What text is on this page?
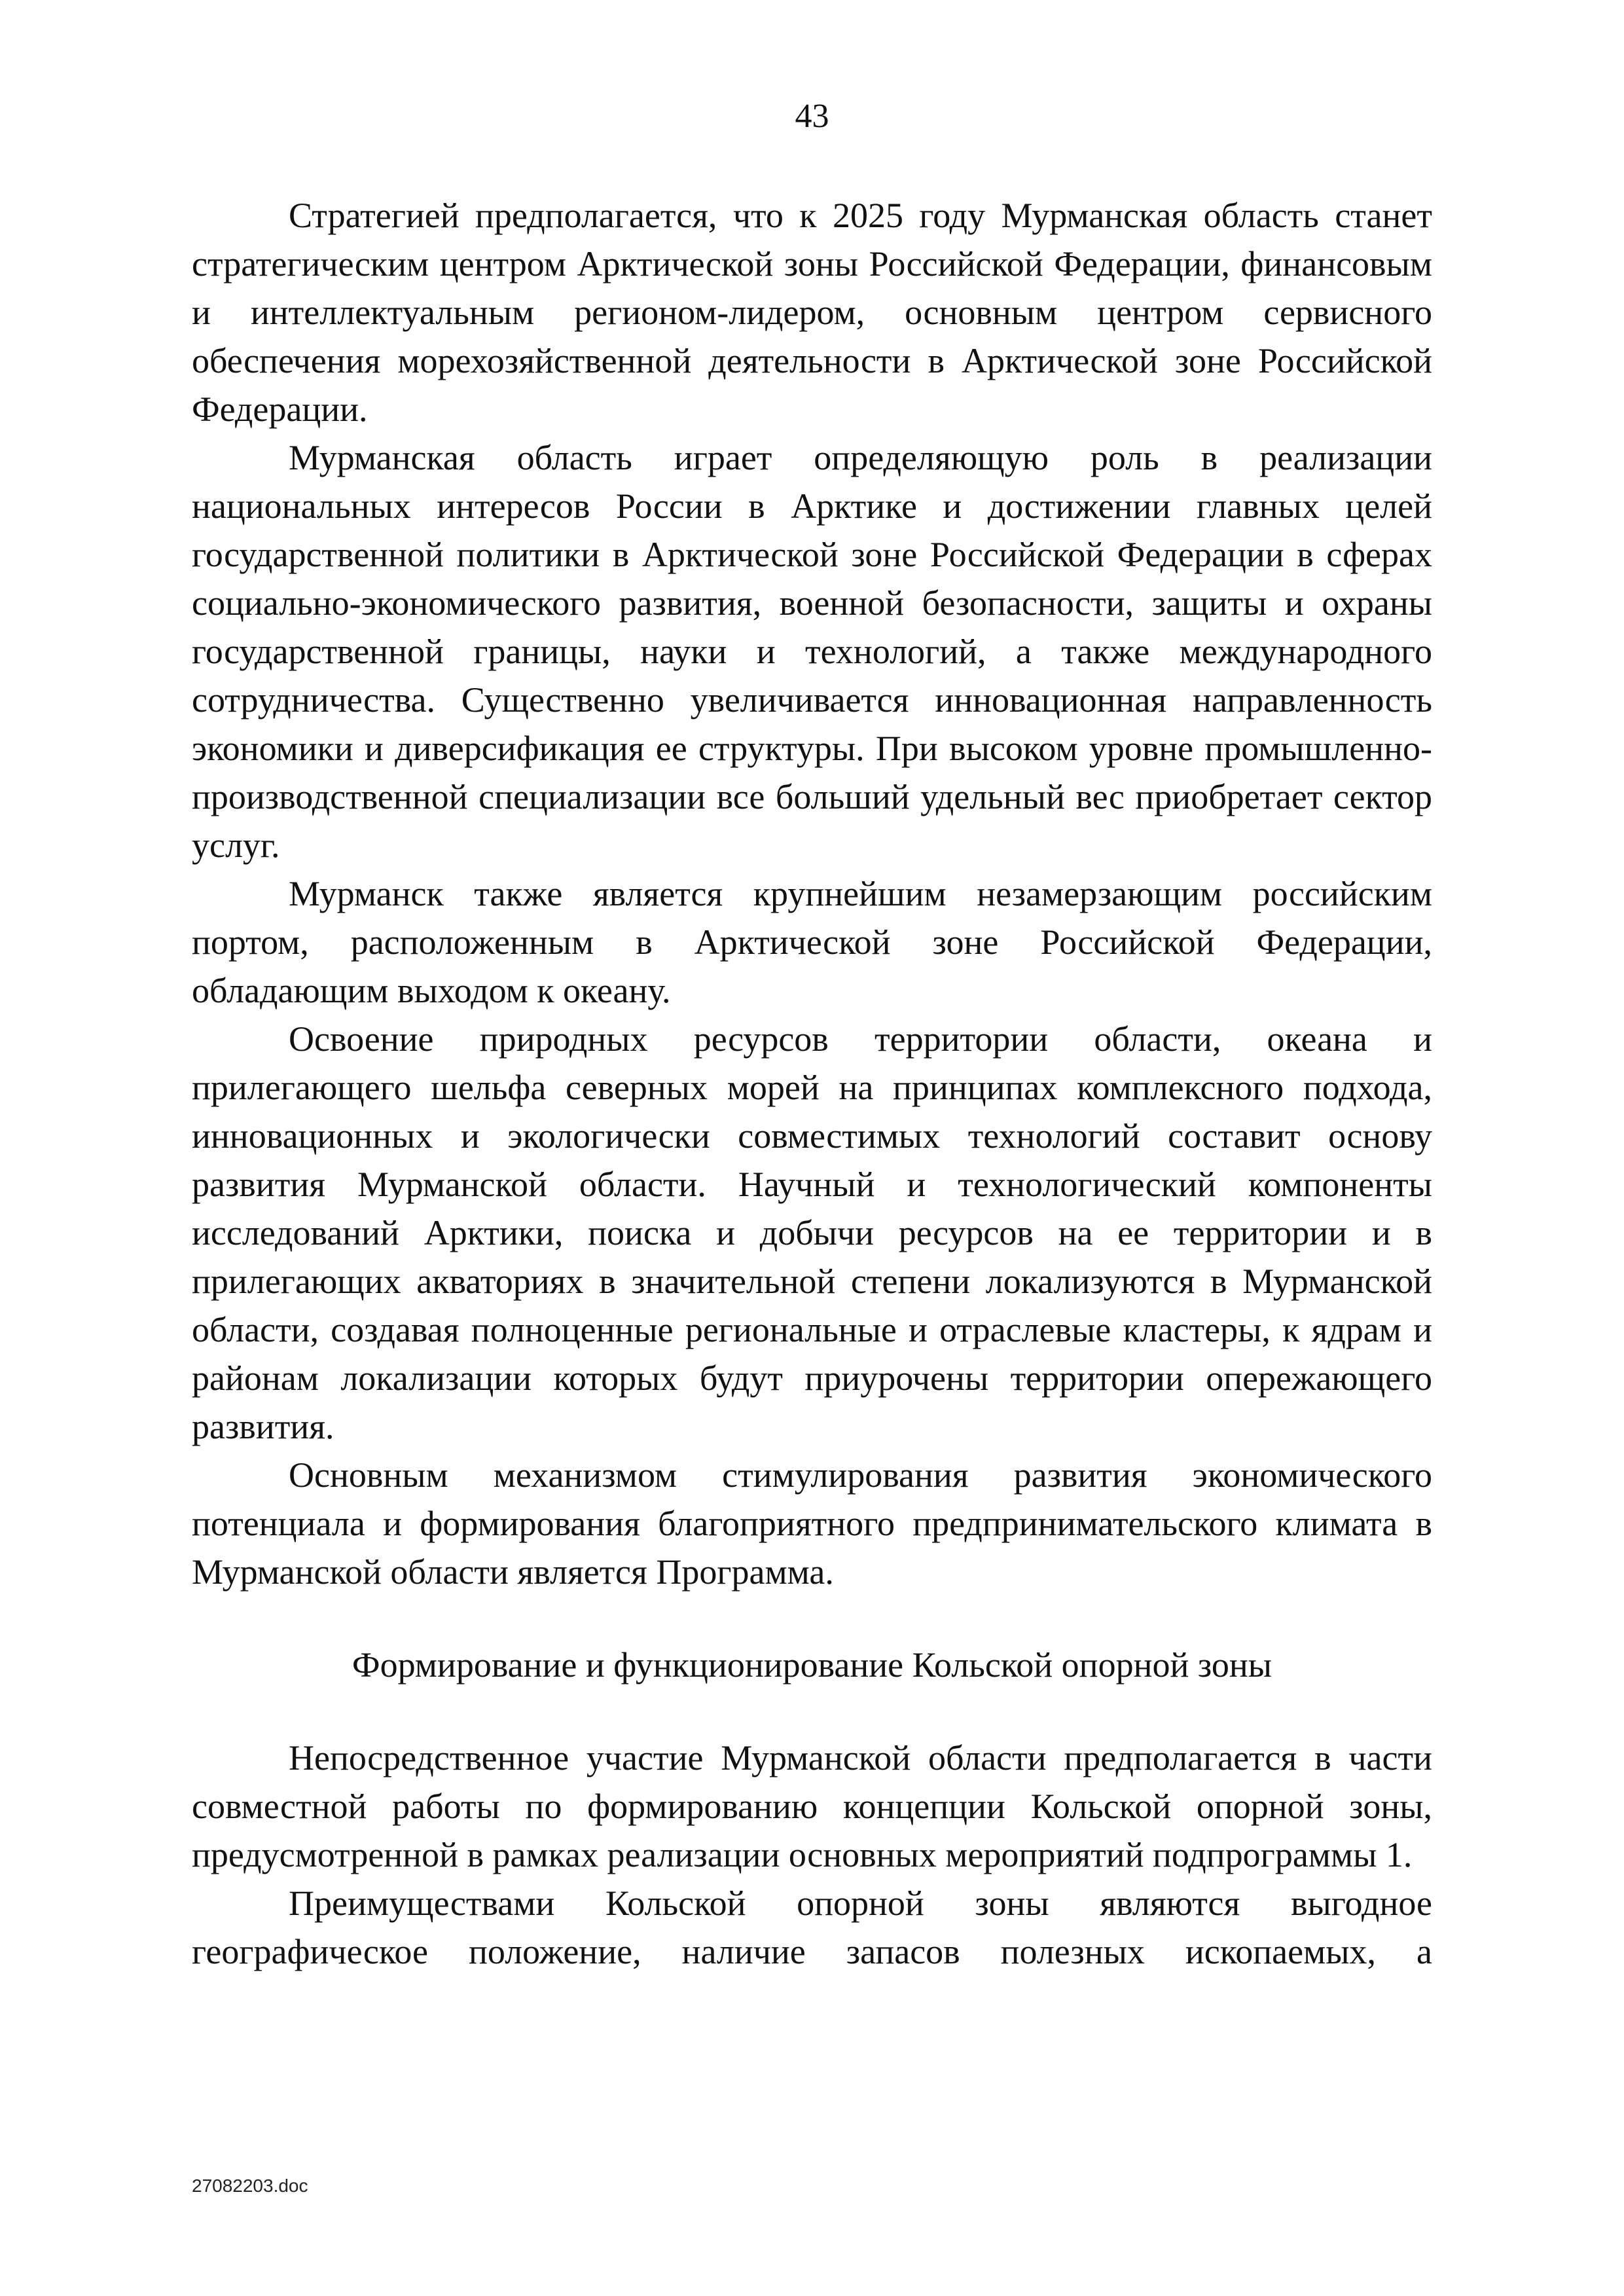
43

Стратегией предполагается, что к 2025 году Мурманская область станет стратегическим центром Арктической зоны Российской Федерации, финансовым и интеллектуальным регионом-лидером, основным центром сервисного обеспечения морехозяйственной деятельности в Арктической зоне Российской Федерации.

Мурманская область играет определяющую роль в реализации национальных интересов России в Арктике и достижении главных целей государственной политики в Арктической зоне Российской Федерации в сферах социально-экономического развития, военной безопасности, защиты и охраны государственной границы, науки и технологий, а также международного сотрудничества. Существенно увеличивается инновационная направленность экономики и диверсификация ее структуры. При высоком уровне промышленно-производственной специализации все больший удельный вес приобретает сектор услуг.

Мурманск также является крупнейшим незамерзающим российским портом, расположенным в Арктической зоне Российской Федерации, обладающим выходом к океану.

Освоение природных ресурсов территории области, океана и прилегающего шельфа северных морей на принципах комплексного подхода, инновационных и экологически совместимых технологий составит основу развития Мурманской области. Научный и технологический компоненты исследований Арктики, поиска и добычи ресурсов на ее территории и в прилегающих акваториях в значительной степени локализуются в Мурманской области, создавая полноценные региональные и отраслевые кластеры, к ядрам и районам локализации которых будут приурочены территории опережающего развития.

Основным механизмом стимулирования развития экономического потенциала и формирования благоприятного предпринимательского климата в Мурманской области является Программа.

Формирование и функционирование Кольской опорной зоны

Непосредственное участие Мурманской области предполагается в части совместной работы по формированию концепции Кольской опорной зоны, предусмотренной в рамках реализации основных мероприятий подпрограммы 1.

Преимуществами Кольской опорной зоны являются выгодное географическое положение, наличие запасов полезных ископаемых, а

27082203.doc
